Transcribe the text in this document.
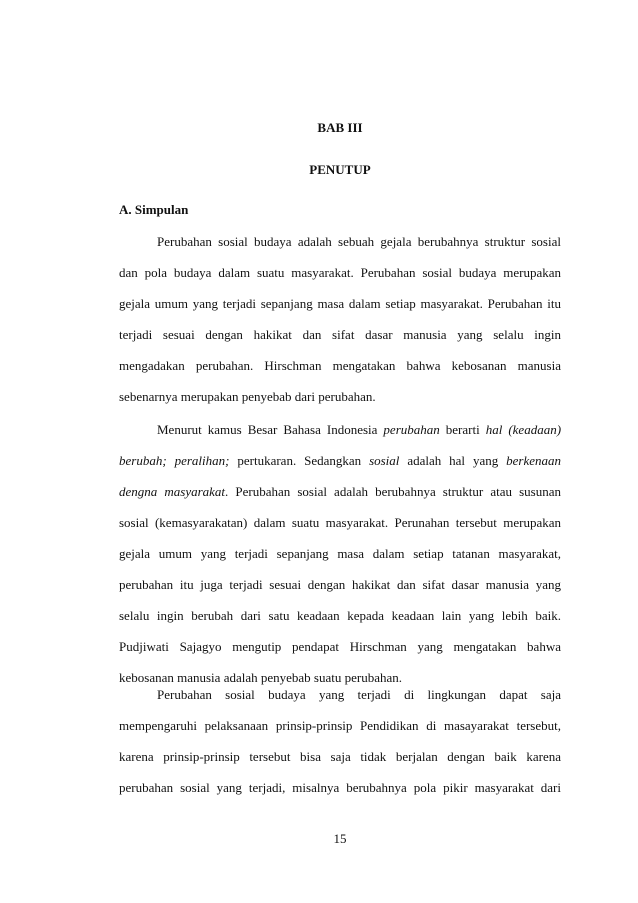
BAB III
PENUTUP
A. Simpulan
Perubahan sosial budaya adalah sebuah gejala berubahnya struktur sosial
dan pola budaya dalam suatu masyarakat. Perubahan sosial budaya merupakan
gejala umum yang terjadi sepanjang masa dalam setiap masyarakat. Perubahan itu
terjadi sesuai dengan hakikat dan sifat dasar manusia yang selalu ingin
mengadakan perubahan. Hirschman mengatakan bahwa kebosanan manusia
sebenarnya merupakan penyebab dari perubahan.
Menurut kamus Besar Bahasa Indonesia perubahan berarti hal (keadaan)
berubah; peralihan; pertukaran. Sedangkan sosial adalah hal yang berkenaan
dengna masyarakat. Perubahan sosial adalah berubahnya struktur atau susunan
sosial (kemasyarakatan) dalam suatu masyarakat. Perunahan tersebut merupakan
gejala umum yang terjadi sepanjang masa dalam setiap tatanan masyarakat,
perubahan itu juga terjadi sesuai dengan hakikat dan sifat dasar manusia yang
selalu ingin berubah dari satu keadaan kepada keadaan lain yang lebih baik.
Pudjiwati Sajagyo mengutip pendapat Hirschman yang mengatakan bahwa
kebosanan manusia adalah penyebab suatu perubahan.
Perubahan sosial budaya yang terjadi di lingkungan dapat saja
mempengaruhi pelaksanaan prinsip-prinsip Pendidikan di masayarakat tersebut,
karena prinsip-prinsip tersebut bisa saja tidak berjalan dengan baik karena
perubahan sosial yang terjadi, misalnya berubahnya pola pikir masyarakat dari
15
